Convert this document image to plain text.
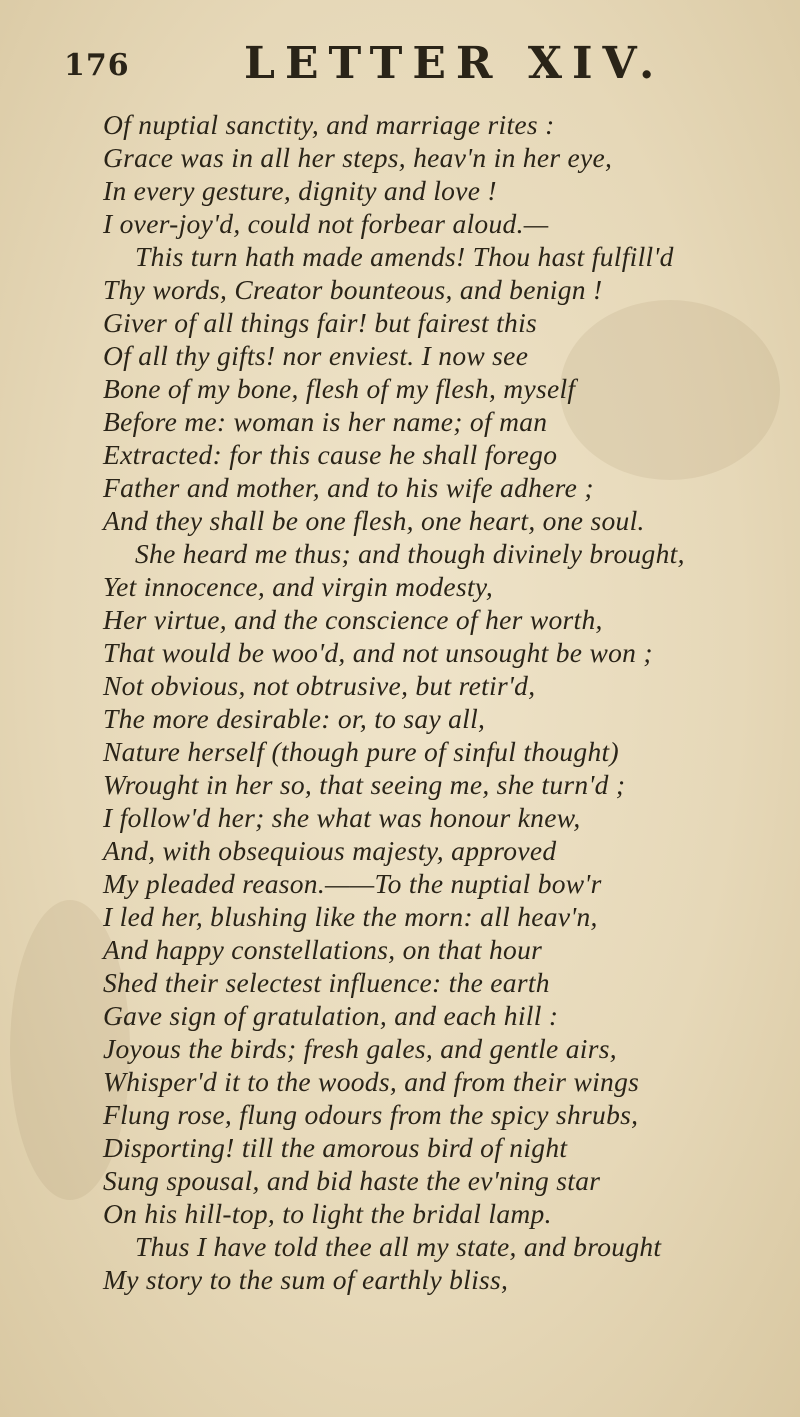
176	LETTER XIV.
Of nuptial sanctity, and marriage rites :
Grace was in all her steps, heav'n in her eye,
In every gesture, dignity and love !
I over-joy'd, could not forbear aloud.—
This turn hath made amends! Thou hast fulfill'd
Thy words, Creator bounteous, and benign !
Giver of all things fair! but fairest this
Of all thy gifts! nor enviest. I now see
Bone of my bone, flesh of my flesh, myself
Before me: woman is her name; of man
Extracted: for this cause he shall forego
Father and mother, and to his wife adhere ;
And they shall be one flesh, one heart, one soul.
She heard me thus; and though divinely brought,
Yet innocence, and virgin modesty,
Her virtue, and the conscience of her worth,
That would be woo'd, and not unsought be won ;
Not obvious, not obtrusive, but retir'd,
The more desirable: or, to say all,
Nature herself (though pure of sinful thought)
Wrought in her so, that seeing me, she turn'd ;
I follow'd her; she what was honour knew,
And, with obsequious majesty, approved
My pleaded reason.——To the nuptial bow'r
I led her, blushing like the morn: all heav'n,
And happy constellations, on that hour
Shed their selectest influence: the earth
Gave sign of gratulation, and each hill :
Joyous the birds; fresh gales, and gentle airs,
Whisper'd it to the woods, and from their wings
Flung rose, flung odours from the spicy shrubs,
Disporting! till the amorous bird of night
Sung spousal, and bid haste the ev'ning star
On his hill-top, to light the bridal lamp.
Thus I have told thee all my state, and brought
My story to the sum of earthly bliss,
